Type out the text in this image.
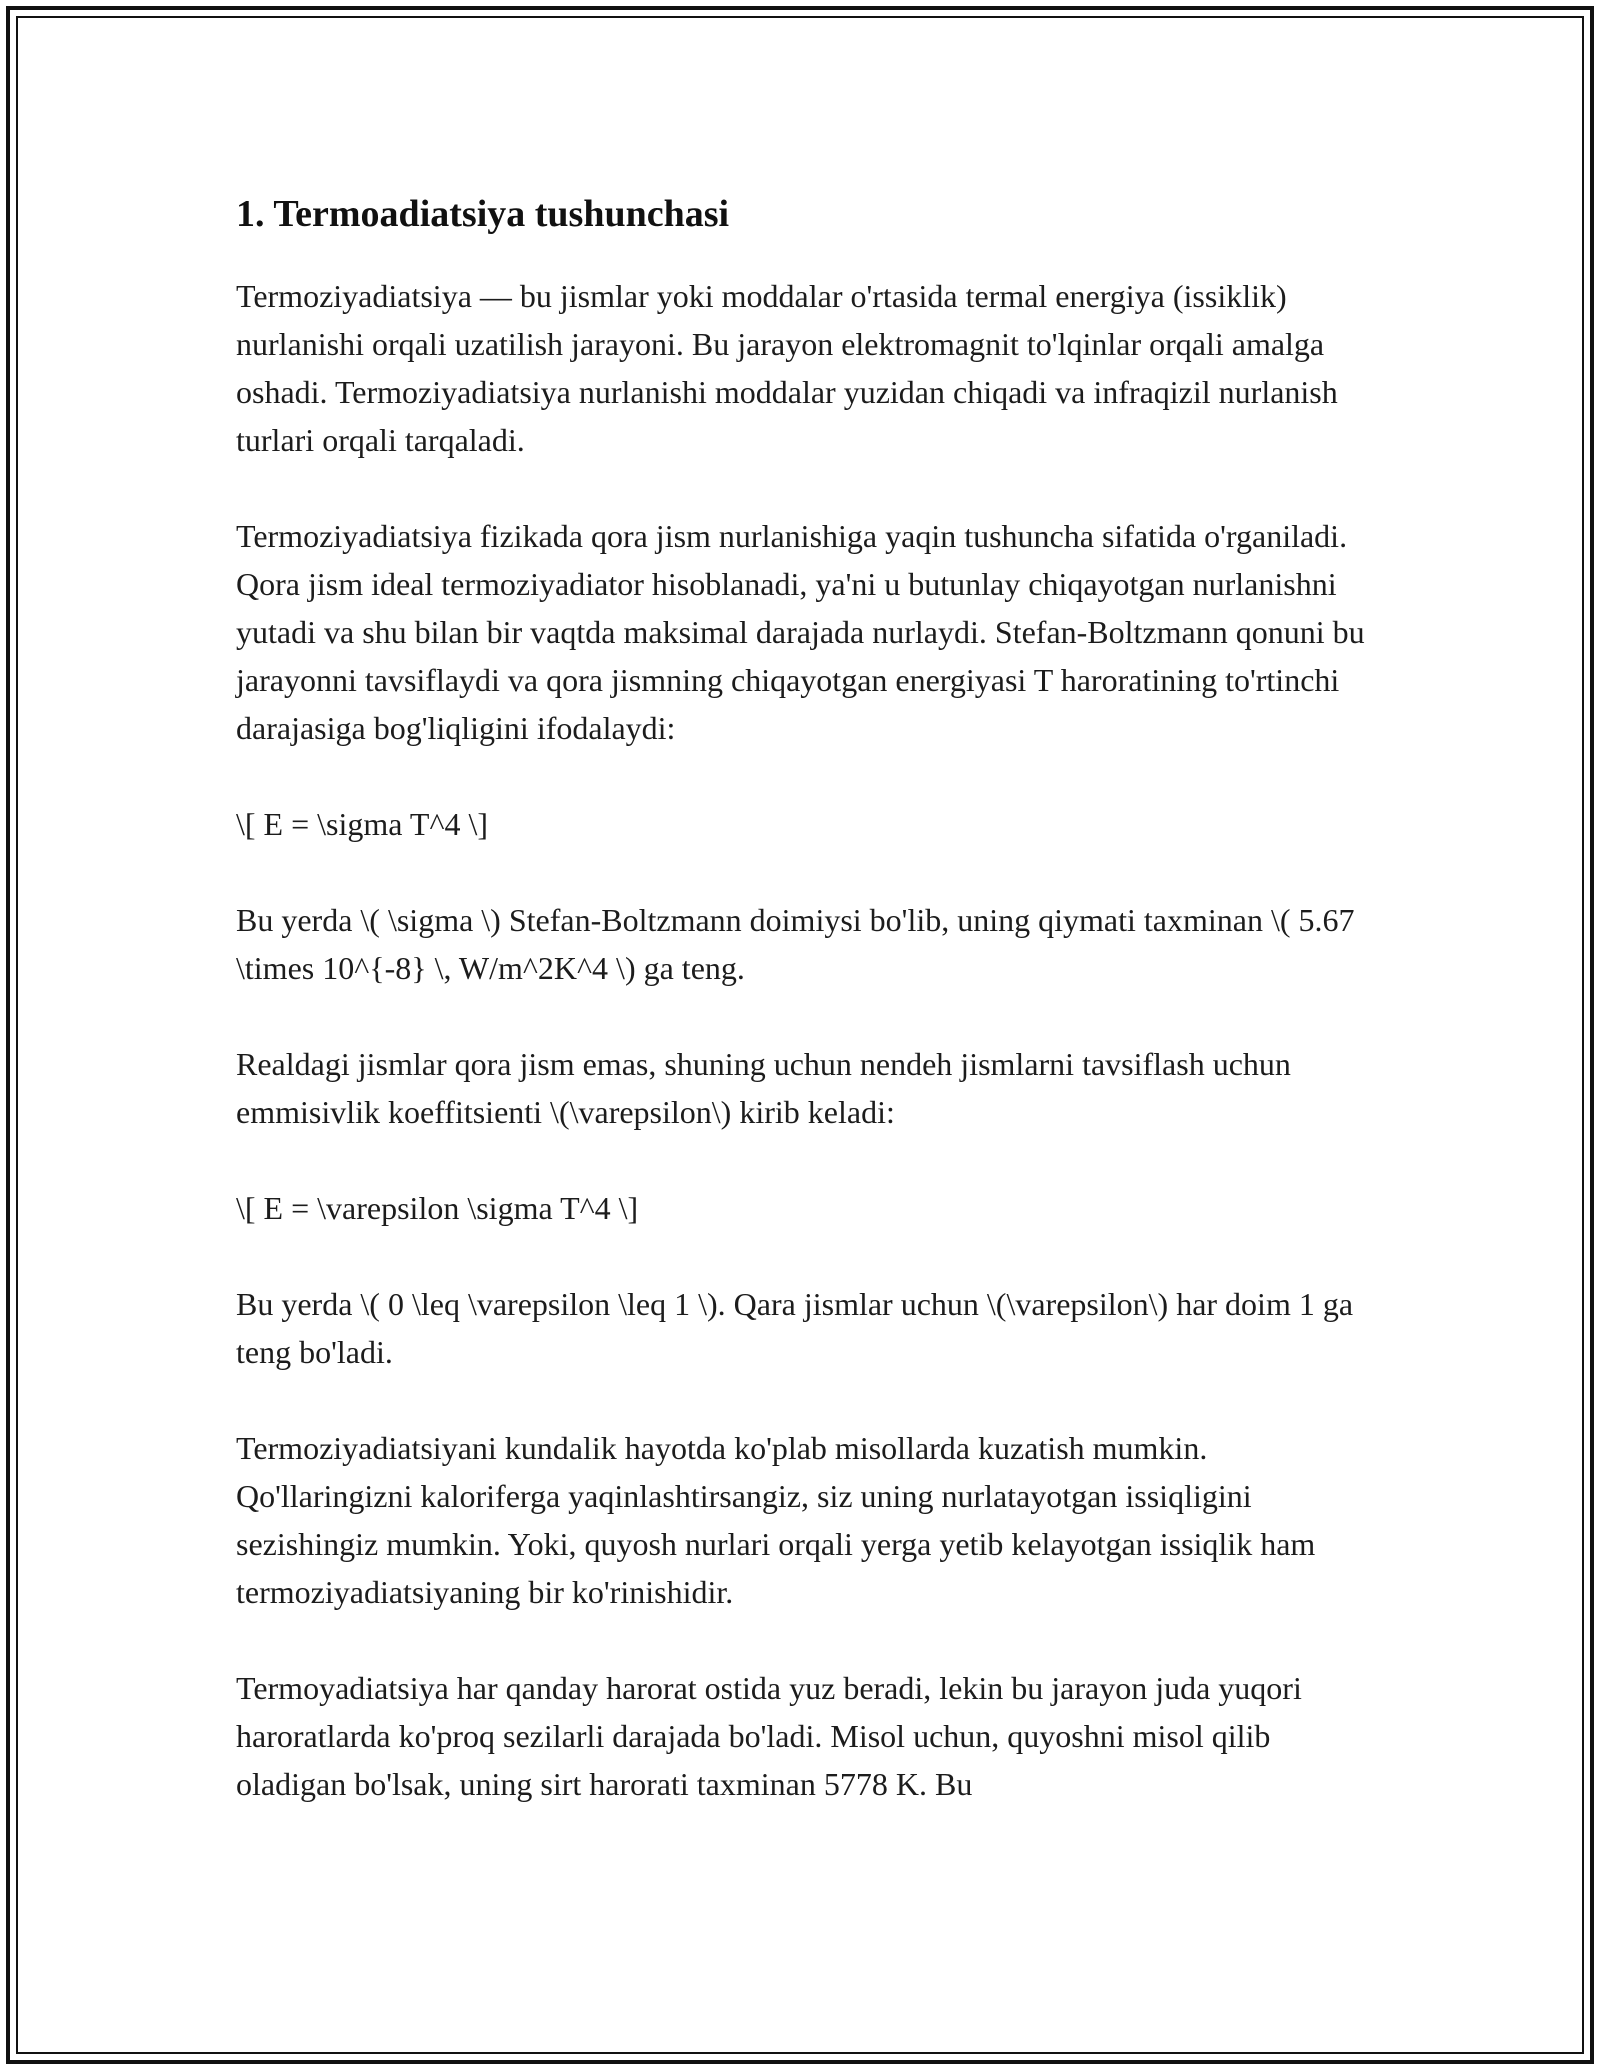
1. Termoadiatsiya tushunchasi

Termoziyadiatsiya — bu jismlar yoki moddalar o'rtasida termal energiya (issiklik) nurlanishi orqali uzatilish jarayoni. Bu jarayon elektromagnit to'lqinlar orqali amalga oshadi. Termoziyadiatsiya nurlanishi moddalar yuzidan chiqadi va infraqizil nurlanish turlari orqali tarqaladi.

Termoziyadiatsiya fizikada qora jism nurlanishiga yaqin tushuncha sifatida o'rganiladi. Qora jism ideal termoziyadiator hisoblanadi, ya'ni u butunlay chiqayotgan nurlanishni yutadi va shu bilan bir vaqtda maksimal darajada nurlaydi. Stefan-Boltzmann qonuni bu jarayonni tavsiflaydi va qora jismning chiqayotgan energiyasi T haroratining to'rtinchi darajasiga bog'liqligini ifodalaydi:

\[ E = \sigma T^4 \]

Bu yerda \( \sigma \) Stefan-Boltzmann doimiysi bo'lib, uning qiymati taxminan \( 5.67 \times 10^{-8} \, W/m^2K^4 \) ga teng.

Realdagi jismlar qora jism emas, shuning uchun nendeh jismlarni tavsiflash uchun emmisivlik koeffitsienti \(\varepsilon\) kirib keladi:

\[ E = \varepsilon \sigma T^4 \]

Bu yerda \( 0 \leq \varepsilon \leq 1 \). Qara jismlar uchun \(\varepsilon\) har doim 1 ga teng bo'ladi.

Termoziyadiatsiyani kundalik hayotda ko'plab misollarda kuzatish mumkin. Qo'llaringizni kaloriferga yaqinlashtirsangiz, siz uning nurlatayotgan issiqligini sezishingiz mumkin. Yoki, quyosh nurlari orqali yerga yetib kelayotgan issiqlik ham termoziyadiatsiyaning bir ko'rinishidir.

Termoyadiatsiya har qanday harorat ostida yuz beradi, lekin bu jarayon juda yuqori haroratlarda ko'proq sezilarli darajada bo'ladi. Misol uchun, quyoshni misol qilib oladigan bo'lsak, uning sirt harorati taxminan 5778 K. Bu
